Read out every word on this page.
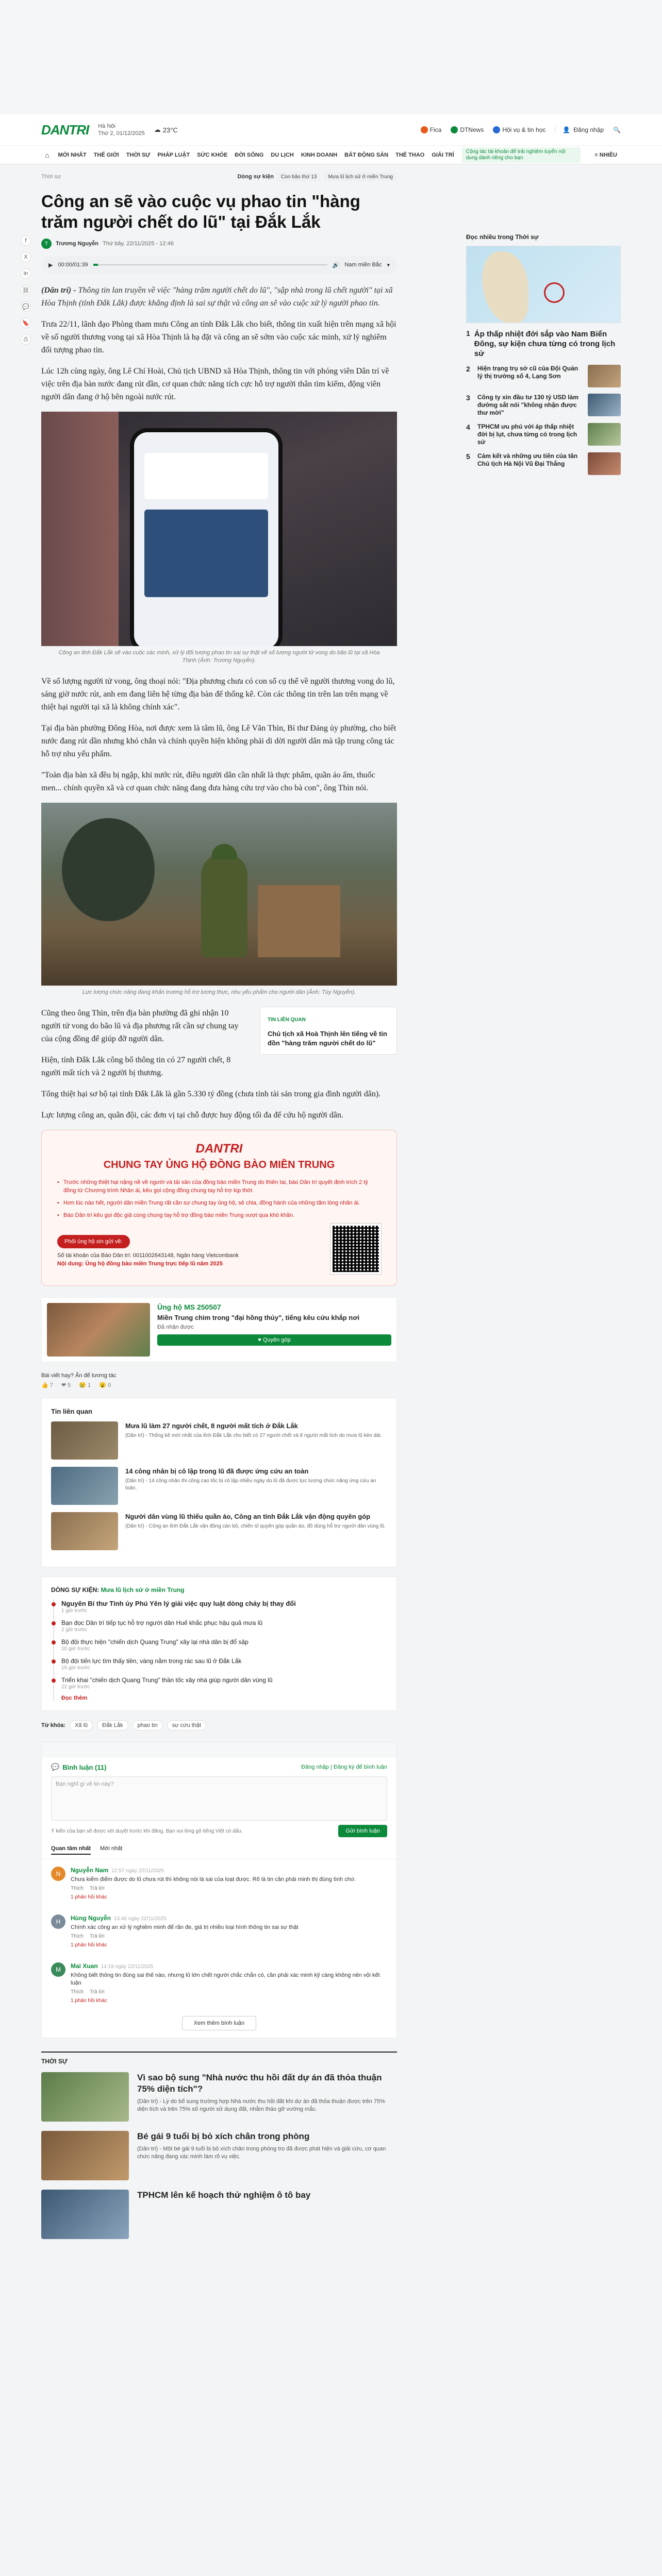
DANTRI Hà Nội
Thứ 2, 01/12/2025 ☁ 23°C	Fica	DTNews	Hội vụ & tin học	👤 Đăng nhập 🔍
⌂	MỚI NHẤT	THẾ GIỚI	THỜI SỰ	PHÁP LUẬT	SỨC KHỎE	ĐỜI SỐNG	DU LỊCH	KINH DOANH	BẤT ĐỘNG SẢN	THỂ THAO	GIẢI TRÍ
Cộng tác tài khoản để trải nghiệm tuyển nội dung dành riêng cho bạn	≡ NHIỀU
f
X
in
⛓
💬
🔖
⎙
Thời sự	Dòng sự kiện	Con bão thứ 13	Mưa lũ lịch sử ở miền Trung
Công an sẽ vào cuộc vụ phao tin "hàng trăm người chết do lũ" tại Đắk Lắk
T	Trương Nguyễn Thứ bảy, 22/11/2025 - 12:46
▶ 00:00/01:39	🔊 Nam miền Bắc ▾

(Dân trí) - Thông tin lan truyền về việc "hàng trăm người chết do lũ", "sập nhà trong lũ chết người" tại xã Hòa Thịnh (tỉnh Đắk Lắk) được khẳng định là sai sự thật và công an sẽ vào cuộc xử lý người phao tin.

Trưa 22/11, lãnh đạo Phòng tham mưu Công an tỉnh Đắk Lắk cho biết, thông tin xuất hiện trên mạng xã hội về số người thương vong tại xã Hòa Thịnh là hạ đặt và công an sẽ sớm vào cuộc xác minh, xử lý nghiêm đối tượng phao tin.

Lúc 12h cùng ngày, ông Lê Chí Hoài, Chủ tịch UBND xã Hòa Thịnh, thông tin với phóng viên Dân trí về việc trên địa bàn nước đang rút dần, cơ quan chức năng tích cực hỗ trợ người thân tìm kiếm, động viên người dân đang ở hộ bên ngoài nước rút.

Công an tỉnh Đắk Lắk sẽ vào cuộc xác minh, xử lý đối tượng phao tin sai sự thật về số lượng người tử vong do bão lũ tại xã Hòa Thịnh (Ảnh: Trương Nguyễn).

Về số lượng người tử vong, ông thoại nói: "Địa phương chưa có con số cụ thể về người thương vong do lũ, sáng giờ nước rút, anh em đang liên hệ từng địa bàn để thống kê. Còn các thông tin trên lan trên mạng về thiệt hại người tại xã là không chính xác".

Tại địa bàn phường Đông Hòa, nơi được xem là tâm lũ, ông Lê Văn Thìn, Bí thư Đảng ủy phường, cho biết nước đang rút dần nhưng khó chắn và chính quyền hiện không phải di dời người dân mà tập trung công tác hỗ trợ nhu yếu phẩm.

"Toàn địa bàn xã đều bị ngập, khi nước rút, điều người dân cần nhất là thực phẩm, quần áo ấm, thuốc men... chính quyền xã và cơ quan chức năng đang đưa hàng cứu trợ vào cho bà con", ông Thìn nói.

Lực lượng chức năng đang khẩn trương hỗ trợ lương thực, nhu yếu phẩm cho người dân (Ảnh: Tùy Nguyễn).

Cũng theo ông Thìn, trên địa bàn phường đã ghi nhận 10 người tử vong do bão lũ và địa phương rất cần sự chung tay của cộng đồng để giúp đỡ người dân.

Hiện, tỉnh Đắk Lắk công bố thông tin có 27 người chết, 8 người mất tích và 2 người bị thương.

TIN LIÊN QUAN
Chủ tịch xã Hoà Thịnh lên tiếng về tin đồn "hàng trăm người chết do lũ"

Tổng thiệt hại sơ bộ tại tỉnh Đắk Lắk là gần 5.330 tỷ đồng (chưa tính tài sản trong gia đình người dân).

Lực lượng công an, quân đội, các đơn vị tại chỗ được huy động tối đa để cứu hộ người dân.

DANTRI
CHUNG TAY ỦNG HỘ ĐỒNG BÀO MIỀN TRUNG
• Trước những thiệt hại nặng nề về người và tài sản của đồng bào miền Trung do thiên tai, báo Dân trí quyết định trích 2 tỷ đồng từ Chương trình Nhân ái, kêu gọi cộng đồng chung tay hỗ trợ kịp thời.
• Hơn lúc nào hết, người dân miền Trung rất cần sự chung tay ủng hộ, sẻ chia, đồng hành của những tấm lòng nhân ái.
• Báo Dân trí kêu gọi độc giả cùng chung tay hỗ trợ đồng bào miền Trung vượt qua khó khăn.
Phối ủng hộ xin gửi về:
Số tài khoản của Báo Dân trí: 0011002643148, Ngân hàng Vietcombank
Nội dung: Ủng hộ đồng bào miền Trung trực tiếp lũ năm 2025
Ủng hộ MS 250507
Miền Trung chìm trong "đại hồng thủy", tiếng kêu cứu khắp nơi
Đã nhận được
♥ Quyên góp
Bài viết hay? Ấn để tương tác
👍 7 ❤ 5 😢 1 😮 0
Tin liên quan
Mưa lũ làm 27 người chết, 8 người mất tích ở Đắk Lắk
(Dân trí) - Thống kê mới nhất của tỉnh Đắk Lắk cho biết có 27 người chết và 8 người mất tích do mưa lũ kéo dài.
14 công nhân bị cô lập trong lũ đã được ứng cứu an toàn
(Dân trí) - 14 công nhân thi công cao tốc bị cô lập nhiều ngày do lũ đã được lực lượng chức năng ứng cứu an toàn.
Người dân vùng lũ thiếu quần áo, Công an tỉnh Đắk Lắk vận động quyên góp
(Dân trí) - Công an tỉnh Đắk Lắk vận động cán bộ, chiến sĩ quyên góp quần áo, đồ dùng hỗ trợ người dân vùng lũ.
DÒNG SỰ KIỆN: Mưa lũ lịch sử ở miền Trung
Nguyên Bí thư Tỉnh ủy Phú Yên lý giải việc quy luật dòng chảy bị thay đổi
1 giờ trước
Bạn đọc Dân trí tiếp tục hỗ trợ người dân Huế khắc phục hậu quả mưa lũ
2 giờ trước
Bộ đội thực hiện "chiến dịch Quang Trung" xây lại nhà dân bị đổ sập
10 giờ trước
Bộ đội tiến lực tìm thấy tiền, vàng nằm trong rác sau lũ ở Đắk Lắk
15 giờ trước
Triển khai "chiến dịch Quang Trung" thần tốc xây nhà giúp người dân vùng lũ
22 giờ trước
Đọc thêm
Từ khóa:	Xã lũ	Đắk Lắk	phao tin	sự cứu thật
💬 Bình luận (11)	Đăng nhập | Đăng ký để bình luận
Bạn nghĩ gì về tin này?
Ý kiến của bạn sẽ được xét duyệt trước khi đăng. Bạn vui lòng gõ tiếng Việt có dấu.	Gửi bình luận
Quan tâm nhất Mới nhất
N	Nguyễn Nam 12:57 ngày 22/11/2025
Chưa kiểm điểm được do lũ chưa rút thì không nói là sai của loạt được. Rõ là tin cần phải minh thị đúng tình chứ.
Thích Trả lời
1 phản hồi khác
H	Hùng Nguyễn 13:46 ngày 22/11/2025
Chính xác công an xử lý nghiêm minh để răn đe, giá trị nhiều loại hình thông tin sai sự thật
Thích Trả lời
1 phản hồi khác
M	Mai Xuan 14:19 ngày 22/11/2025
Không biết thông tin đúng sai thế nào, nhưng lũ lớn chết người chắc chắn có, cần phải xác minh kỹ càng không nên vội kết luận
Thích Trả lời
1 phản hồi khác
Xem thêm bình luận
THỜI SỰ
Vì sao bộ sung "Nhà nước thu hồi đất dự án đã thỏa thuận 75% diện tích"?
(Dân trí) - Lý do bổ sung trường hợp Nhà nước thu hồi đất khi dự án đã thỏa thuận được trên 75% diện tích và trên 75% số người sử dụng đất, nhằm tháo gỡ vướng mắc.
Bé gái 9 tuổi bị bỏ xích chân trong phòng
(Dân trí) - Một bé gái 9 tuổi bị bỏ xích chân trong phòng trọ đã được phát hiện và giải cứu, cơ quan chức năng đang xác minh làm rõ vụ việc.
TPHCM lên kế hoạch thử nghiệm ô tô bay
Đọc nhiều trong Thời sự
1 Áp thấp nhiệt đới sắp vào Nam Biển Đông, sự kiện chưa từng có trong lịch sử
2	Hiện trạng trụ sở cũ của Đội Quản lý thị trường số 4, Lạng Sơn
3	Công ty xin đầu tư 130 tỷ USD làm đường sắt nói "không nhận được thư mời"
4	TPHCM ưu phú với áp thấp nhiệt đới bị lụt, chưa từng có trong lịch sử
5	Cảm kết và những ưu tiên của tân Chủ tịch Hà Nội Vũ Đại Thắng
